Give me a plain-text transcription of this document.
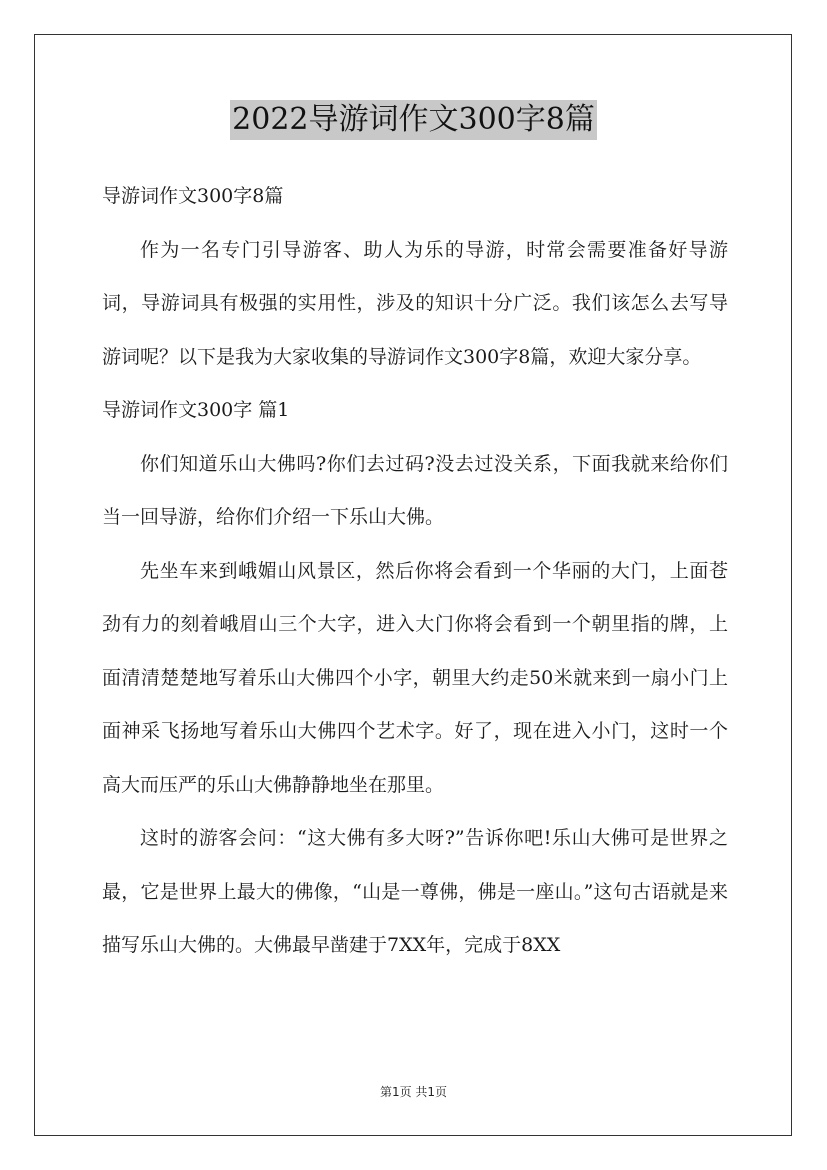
2022导游词作文300字8篇

导游词作文300字8篇

作为一名专门引导游客、助人为乐的导游，时常会需要准备好导游词，导游词具有极强的实用性，涉及的知识十分广泛。我们该怎么去写导游词呢？以下是我为大家收集的导游词作文300字8篇，欢迎大家分享。

导游词作文300字 篇1

你们知道乐山大佛吗?你们去过码?没去过没关系，下面我就来给你们当一回导游，给你们介绍一下乐山大佛。

先坐车来到峨媚山风景区，然后你将会看到一个华丽的大门，上面苍劲有力的刻着峨眉山三个大字，进入大门你将会看到一个朝里指的牌，上面清清楚楚地写着乐山大佛四个小字，朝里大约走50米就来到一扇小门上面神采飞扬地写着乐山大佛四个艺术字。好了，现在进入小门，这时一个高大而压严的乐山大佛静静地坐在那里。

这时的游客会问：“这大佛有多大呀?”告诉你吧!乐山大佛可是世界之最，它是世界上最大的佛像，“山是一尊佛，佛是一座山。”这句古语就是来描写乐山大佛的。大佛最早凿建于7XX年，完成于8XX

第1页 共1页
